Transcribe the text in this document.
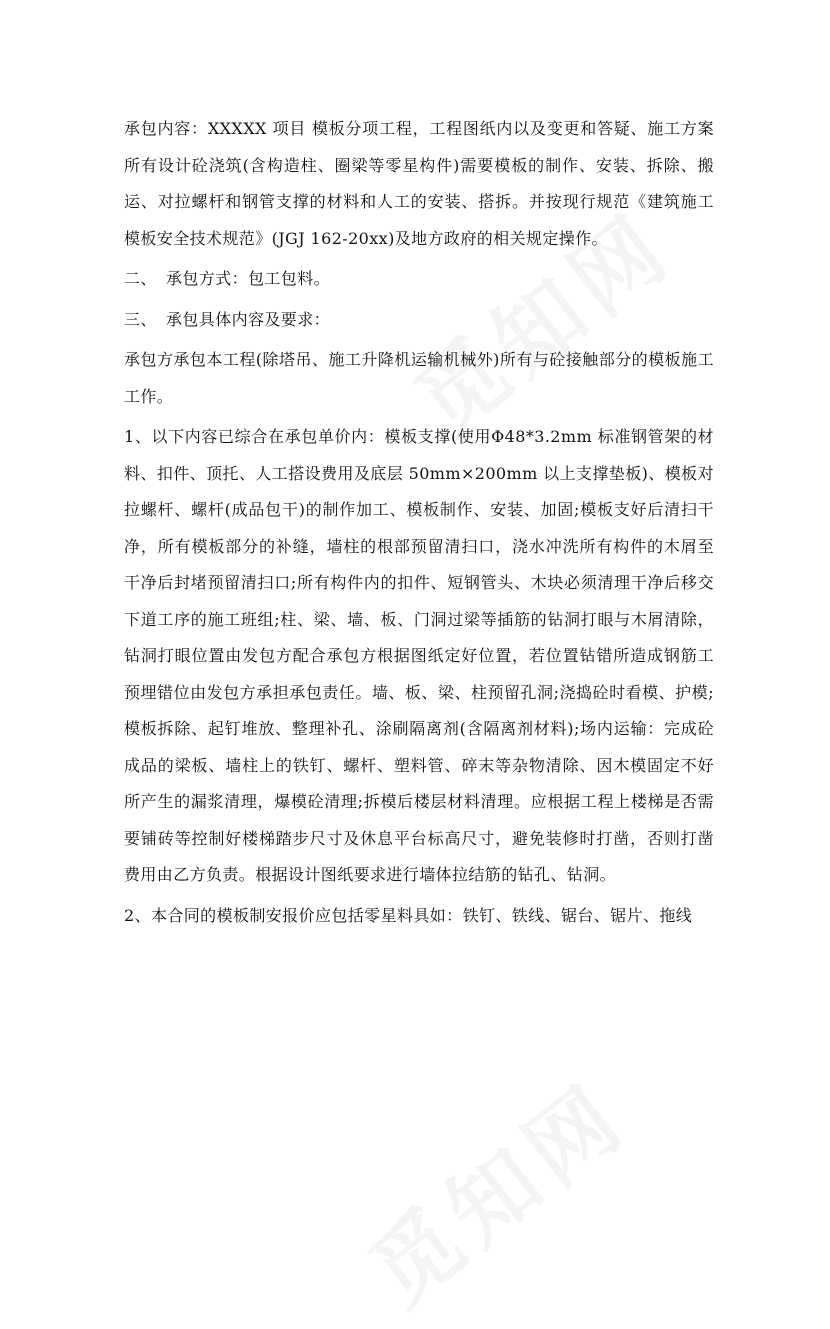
承包内容：XXXXX 项目 模板分项工程，工程图纸内以及变更和答疑、施工方案所有设计砼浇筑(含构造柱、圈梁等零星构件)需要模板的制作、安装、拆除、搬运、对拉螺杆和钢管支撑的材料和人工的安装、搭拆。并按现行规范《建筑施工模板安全技术规范》(JGJ 162-20xx)及地方政府的相关规定操作。

二、 承包方式：包工包料。

三、 承包具体内容及要求：

承包方承包本工程(除塔吊、施工升降机运输机械外)所有与砼接触部分的模板施工工作。

1、以下内容已综合在承包单价内：模板支撑(使用Φ48*3.2mm 标准钢管架的材料、扣件、顶托、人工搭设费用及底层 50mm×200mm 以上支撑垫板)、模板对拉螺杆、螺杆(成品包干)的制作加工、模板制作、安装、加固;模板支好后清扫干净，所有模板部分的补缝，墙柱的根部预留清扫口，浇水冲洗所有构件的木屑至干净后封堵预留清扫口;所有构件内的扣件、短钢管头、木块必须清理干净后移交下道工序的施工班组;柱、梁、墙、板、门洞过梁等插筋的钻洞打眼与木屑清除，钻洞打眼位置由发包方配合承包方根据图纸定好位置，若位置钻错所造成钢筋工预埋错位由发包方承担承包责任。墙、板、梁、柱预留孔洞;浇捣砼时看模、护模;模板拆除、起钉堆放、整理补孔、涂刷隔离剂(含隔离剂材料);场内运输：完成砼成品的梁板、墙柱上的铁钉、螺杆、塑料管、碎末等杂物清除、因木模固定不好所产生的漏浆清理，爆模砼清理;拆模后楼层材料清理。应根据工程上楼梯是否需要铺砖等控制好楼梯踏步尺寸及休息平台标高尺寸，避免装修时打凿，否则打凿费用由乙方负责。根据设计图纸要求进行墙体拉结筋的钻孔、钻洞。

2、本合同的模板制安报价应包括零星料具如：铁钉、铁线、锯台、锯片、拖线
